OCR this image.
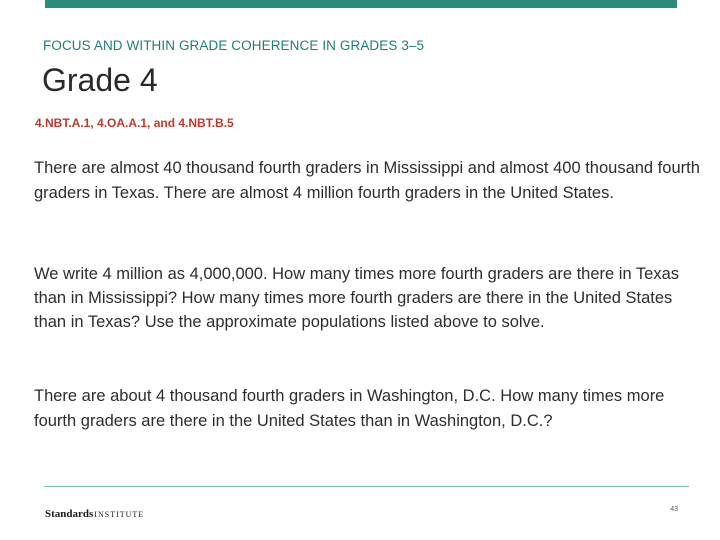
FOCUS AND WITHIN GRADE COHERENCE IN GRADES 3–5
Grade 4
4.NBT.A.1, 4.OA.A.1, and 4.NBT.B.5
There are almost 40 thousand fourth graders in Mississippi and almost 400 thousand fourth graders in Texas. There are almost 4 million fourth graders in the United States.
We write 4 million as 4,000,000. How many times more fourth graders are there in Texas than in Mississippi? How many times more fourth graders are there in the United States than in Texas? Use the approximate populations listed above to solve.
There are about 4 thousand fourth graders in Washington, D.C. How many times more fourth graders are there in the United States than in Washington, D.C.?
StandardsINSTITUTE
43
